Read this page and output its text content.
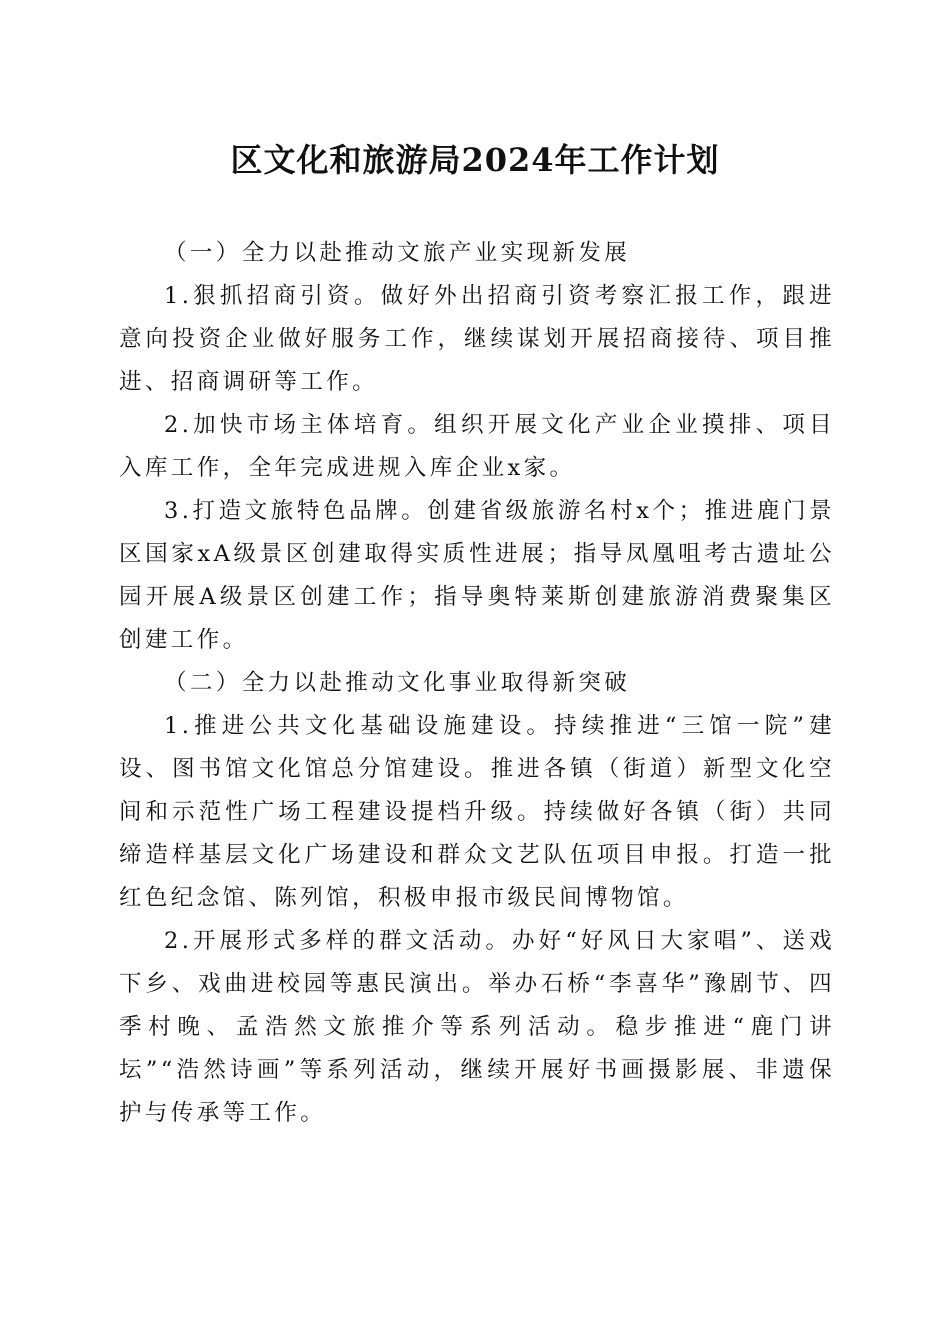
区文化和旅游局2024年工作计划

（一）全力以赴推动文旅产业实现新发展

1.狠抓招商引资。做好外出招商引资考察汇报工作，跟进意向投资企业做好服务工作，继续谋划开展招商接待、项目推进、招商调研等工作。

2.加快市场主体培育。组织开展文化产业企业摸排、项目入库工作，全年完成进规入库企业x家。

3.打造文旅特色品牌。创建省级旅游名村x个；推进鹿门景区国家xA级景区创建取得实质性进展；指导凤凰咀考古遗址公园开展A级景区创建工作；指导奥特莱斯创建旅游消费聚集区创建工作。

（二）全力以赴推动文化事业取得新突破

1.推进公共文化基础设施建设。持续推进“三馆一院”建设、图书馆文化馆总分馆建设。推进各镇（街道）新型文化空间和示范性广场工程建设提档升级。持续做好各镇（街）共同缔造样基层文化广场建设和群众文艺队伍项目申报。打造一批红色纪念馆、陈列馆，积极申报市级民间博物馆。

2.开展形式多样的群文活动。办好“好风日大家唱”、送戏下乡、戏曲进校园等惠民演出。举办石桥“李喜华”豫剧节、四季村晚、孟浩然文旅推介等系列活动。稳步推进“鹿门讲坛”“浩然诗画”等系列活动，继续开展好书画摄影展、非遗保护与传承等工作。
